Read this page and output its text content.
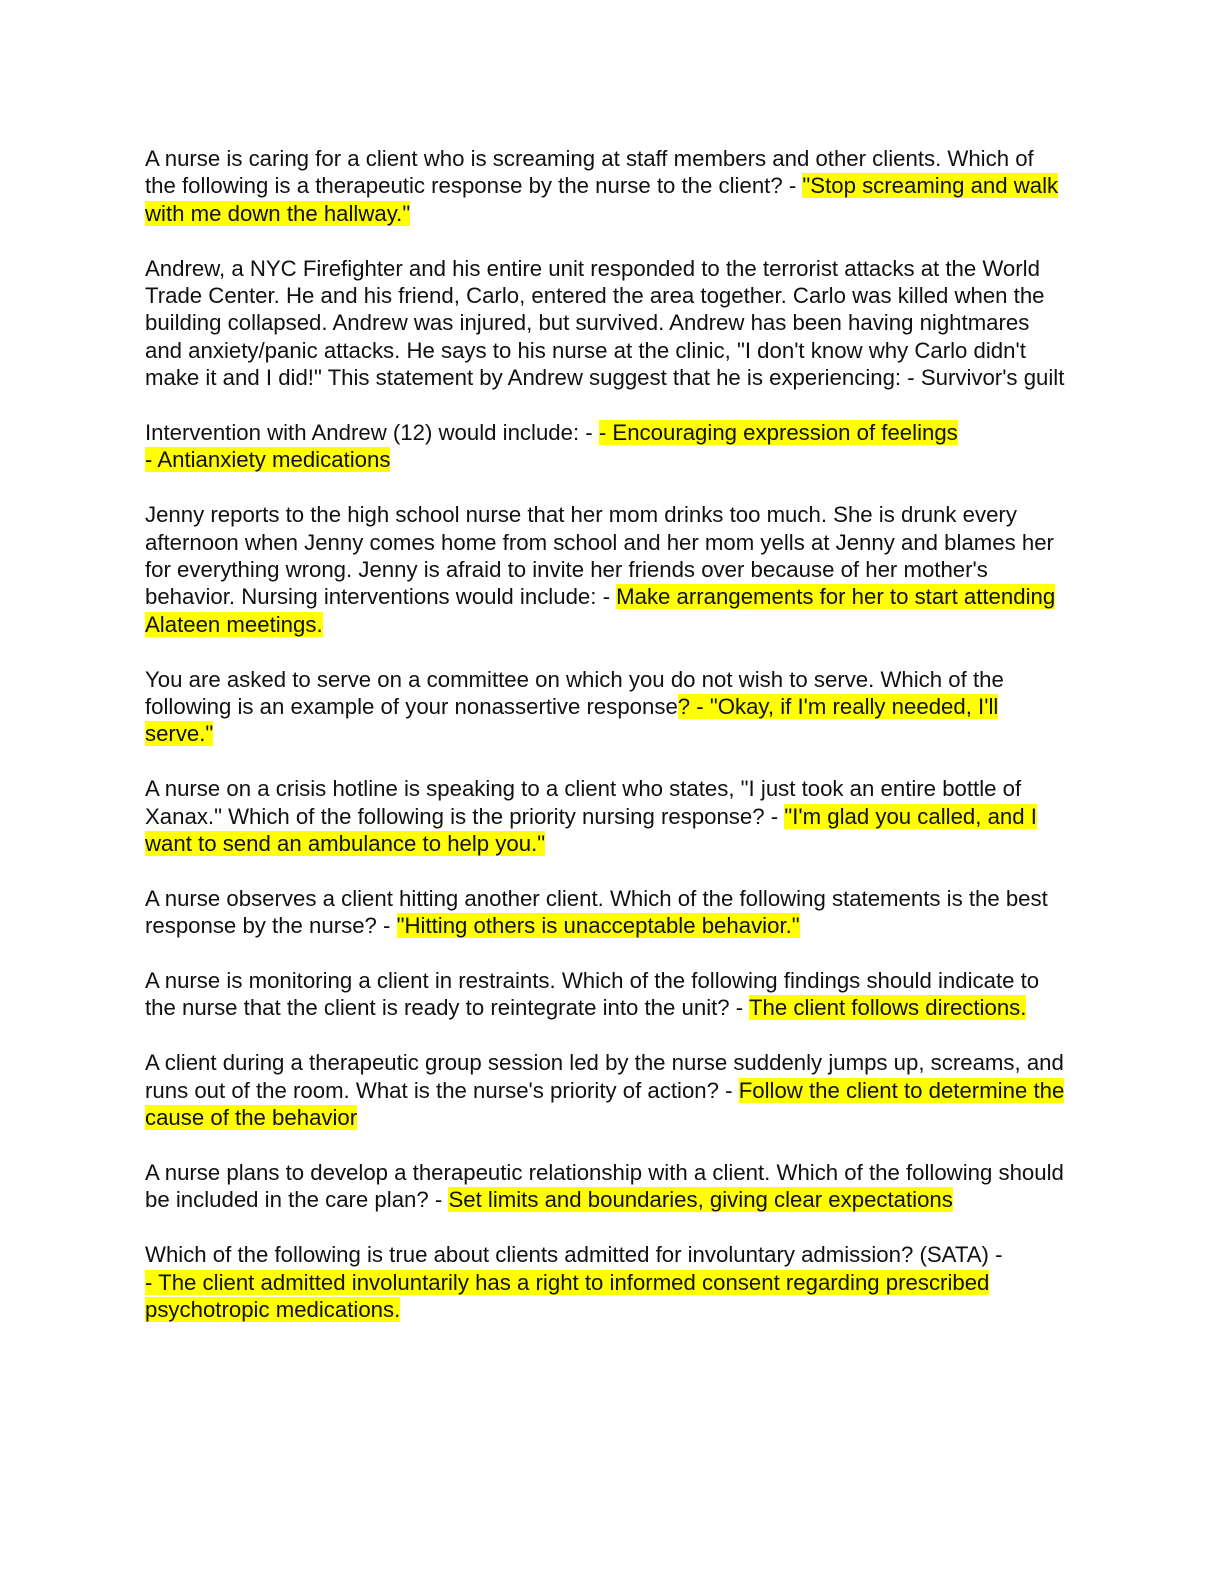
A nurse is caring for a client who is screaming at staff members and other clients. Which of the following is a therapeutic response by the nurse to the client? - "Stop screaming and walk with me down the hallway."

Andrew, a NYC Firefighter and his entire unit responded to the terrorist attacks at the World Trade Center. He and his friend, Carlo, entered the area together. Carlo was killed when the building collapsed. Andrew was injured, but survived. Andrew has been having nightmares and anxiety/panic attacks. He says to his nurse at the clinic, "I don't know why Carlo didn't make it and I did!" This statement by Andrew suggest that he is experiencing: - Survivor's guilt

Intervention with Andrew (12) would include: - - Encouraging expression of feelings
- Antianxiety medications

Jenny reports to the high school nurse that her mom drinks too much. She is drunk every afternoon when Jenny comes home from school and her mom yells at Jenny and blames her for everything wrong. Jenny is afraid to invite her friends over because of her mother's behavior. Nursing interventions would include: - Make arrangements for her to start attending Alateen meetings.

You are asked to serve on a committee on which you do not wish to serve. Which of the following is an example of your nonassertive response? - "Okay, if I'm really needed, I'll serve."

A nurse on a crisis hotline is speaking to a client who states, "I just took an entire bottle of Xanax." Which of the following is the priority nursing response? - "I'm glad you called, and I want to send an ambulance to help you."

A nurse observes a client hitting another client. Which of the following statements is the best response by the nurse? - "Hitting others is unacceptable behavior."

A nurse is monitoring a client in restraints. Which of the following findings should indicate to the nurse that the client is ready to reintegrate into the unit? - The client follows directions.

A client during a therapeutic group session led by the nurse suddenly jumps up, screams, and runs out of the room. What is the nurse's priority of action? - Follow the client to determine the cause of the behavior

A nurse plans to develop a therapeutic relationship with a client. Which of the following should be included in the care plan? - Set limits and boundaries, giving clear expectations

Which of the following is true about clients admitted for involuntary admission? (SATA) -
- The client admitted involuntarily has a right to informed consent regarding prescribed psychotropic medications.
